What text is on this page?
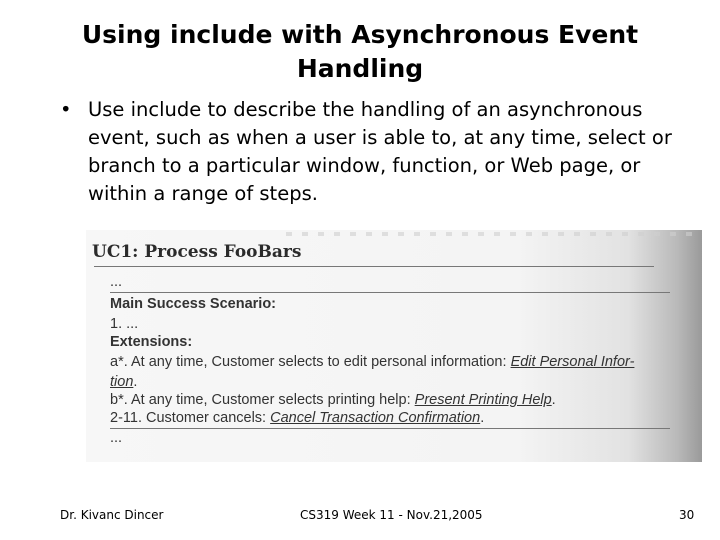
Using include with Asynchronous Event
Handling
• Use include to describe the handling of an asynchronous event, such as when a user is able to, at any time, select or branch to a particular window, function, or Web page, or within a range of steps.
UC1: Process FooBars
...
Main Success Scenario:
1. ...
Extensions:
a*. At any time, Customer selects to edit personal information: Edit Personal Infor-
tion.
b*. At any time, Customer selects printing help: Present Printing Help.
2-11. Customer cancels: Cancel Transaction Confirmation.
...
Dr. Kivanc Dincer	CS319 Week 11 - Nov.21,2005	30
